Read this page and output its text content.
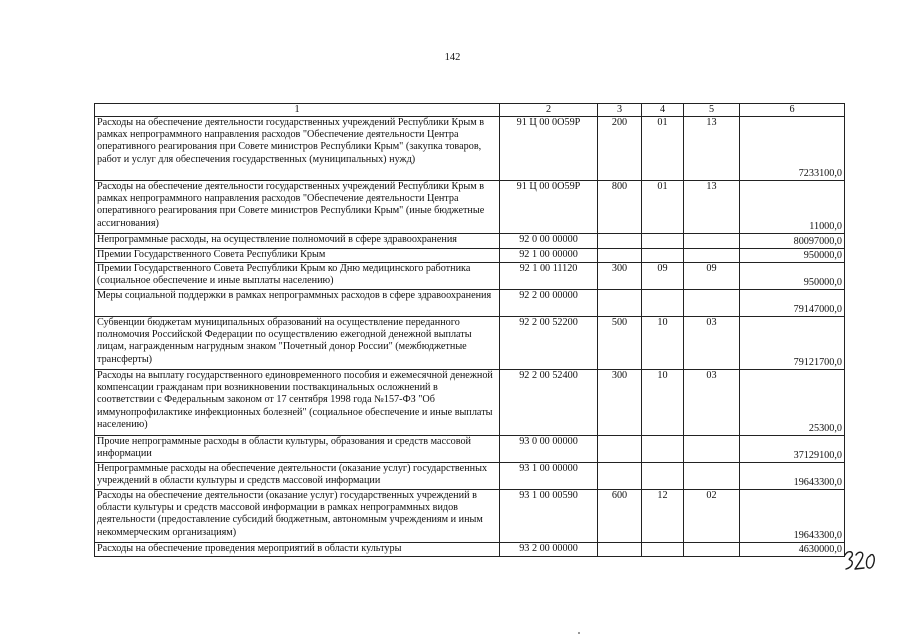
142
1	2	3	4	5	6
Расходы на обеспечение деятельности государственных учреждений Республики Крым в рамках непрограммного направления расходов "Обеспечение деятельности Центра оперативного реагирования при Совете министров Республики Крым" (закупка товаров, работ и услуг для обеспечения государственных (муниципальных) нужд)	91 Ц 00 0О59Р	200	01	13	7233100,0
Расходы на обеспечение деятельности государственных учреждений Республики Крым в рамках непрограммного направления расходов "Обеспечение деятельности Центра оперативного реагирования при Совете министров Республики Крым" (иные бюджетные ассигнования)	91 Ц 00 0О59Р	800	01	13	11000,0
Непрограммные расходы, на осуществление полномочий в сфере здравоохранения	92 0 00 00000				80097000,0
Премии Государственного Совета Республики Крым	92 1 00 00000				950000,0
Премии Государственного Совета Республики Крым ко Дню медицинского работника (социальное обеспечение и иные выплаты населению)	92 1 00 11120	300	09	09	950000,0
Меры социальной поддержки в рамках непрограммных расходов в сфере здравоохранения	92 2 00 00000				79147000,0
Субвенции бюджетам муниципальных образований на осуществление переданного полномочия Российской Федерации по осуществлению ежегодной денежной выплаты лицам, награжденным нагрудным знаком "Почетный донор России" (межбюджетные трансферты)	92 2 00 52200	500	10	03	79121700,0
Расходы на выплату государственного единовременного пособия и ежемесячной денежной компенсации гражданам при возникновении поствакцинальных осложнений в соответствии с Федеральным законом от 17 сентября 1998 года №157-ФЗ "Об иммунопрофилактике инфекционных болезней" (социальное обеспечение и иные выплаты населению)	92 2 00 52400	300	10	03	25300,0
Прочие непрограммные расходы в области культуры, образования и средств массовой информации	93 0 00 00000				37129100,0
Непрограммные расходы на обеспечение деятельности (оказание услуг) государственных учреждений в области культуры и средств массовой информации	93 1 00 00000				19643300,0
Расходы на обеспечение деятельности (оказание услуг) государственных учреждений в области культуры и средств массовой информации в рамках непрограммных видов деятельности (предоставление субсидий бюджетным, автономным учреждениям и иным некоммерческим организациям)	93 1 00 00590	600	12	02	19643300,0
Расходы на обеспечение проведения мероприятий в области культуры	93 2 00 00000				4630000,0
